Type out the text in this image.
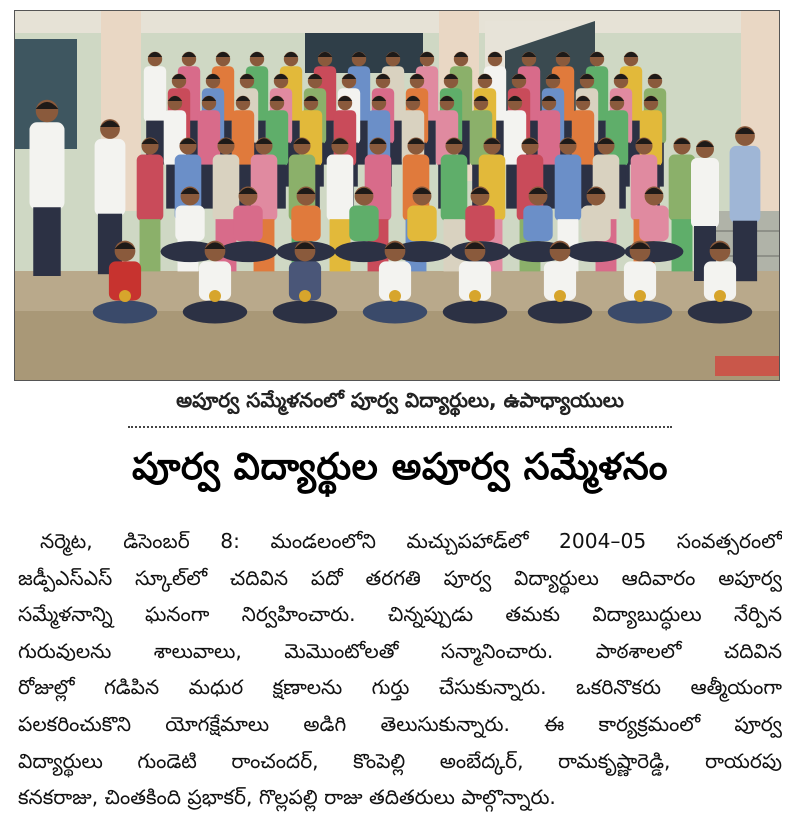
అపూర్వ సమ్మేళనంలో పూర్వ విద్యార్థులు, ఉపాధ్యాయులు
పూర్వ విద్యార్థుల అపూర్వ సమ్మేళనం
నర్మెట, డిసెంబర్ 8: మండలంలోని మచ్చుపహాడ్‌లో 2004–05 సంవత్సరంలో
జడ్పీఎస్‌ఎస్ స్కూల్‌లో చదివిన పదో తరగతి పూర్వ విద్యార్థులు ఆదివారం అపూర్వ
సమ్మేళనాన్ని ఘనంగా నిర్వహించారు. చిన్నప్పుడు తమకు విద్యాబుద్ధులు నేర్పిన
గురువులను శాలువాలు, మెమొంటోలతో సన్మానించారు. పాఠశాలలో చదివిన
రోజుల్లో గడిపిన మధుర క్షణాలను గుర్తు చేసుకున్నారు. ఒకరినొకరు ఆత్మీయంగా
పలకరించుకొని యోగక్షేమాలు అడిగి తెలుసుకున్నారు. ఈ కార్యక్రమంలో పూర్వ
విద్యార్థులు గుండెటి రాంచందర్, కొంపెల్లి అంబేద్కర్, రామకృష్ణారెడ్డి, రాయరపు
కనకరాజు, చింతకింది ప్రభాకర్, గొల్లపల్లి రాజు తదితరులు పాల్గొన్నారు.
